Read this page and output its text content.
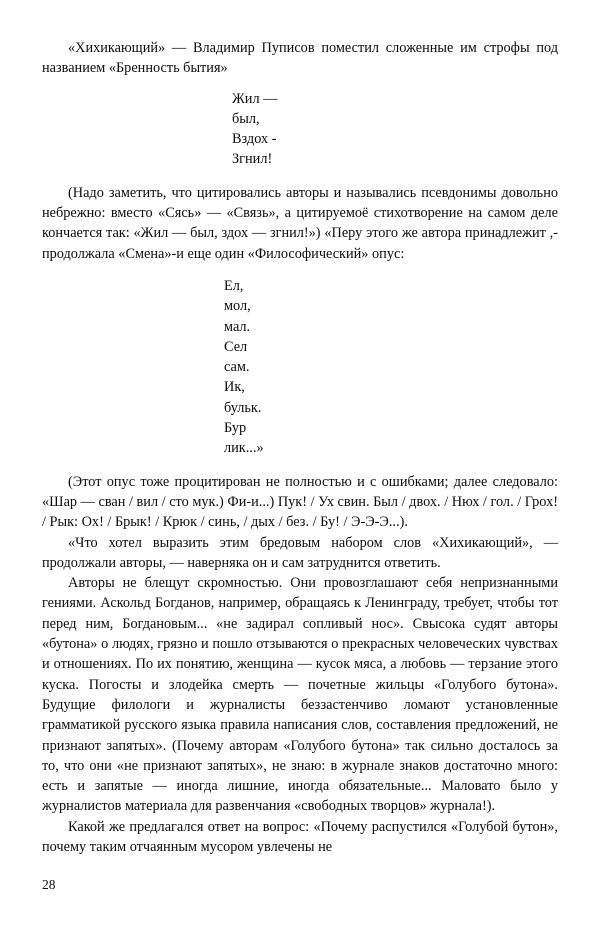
«Хихикающий» — Владимир Пуписов поместил сложенные им строфы под названием «Бренность бытия»

Жил —
был,
Вздох -
Згнил!

(Надо заметить, что цитировались авторы и назывались псевдонимы довольно небрежно: вместо «Сясь» — «Связь», а цитируемоё стихотворение на самом деле кончается так: «Жил — был, здох — згнил!») «Перу этого же автора принадлежит ,-продолжала «Смена»-и еще один «Философический» опус:

Ел,
мол,
мал.
Сел
сам.
Ик,
бульк.
Бур
лик...»

(Этот опус тоже процитирован не полностью и с ошибками; далее следовало: «Шар — сван / вил / сто мук.) Фи-и...) Пук! / Ух свин. Был / двох. / Нюх / гол. / Грох! / Рык: Ох! / Брык! / Крюк / синь, / дых / без. / Бу! / Э-Э-Э...).

«Что хотел выразить этим бредовым набором слов «Хихикающий», — продолжали авторы, — наверняка он и сам затруднится ответить.

Авторы не блещут скромностью. Они провозглашают себя непризнанными гениями. Аскольд Богданов, например, обращаясь к Ленинграду, требует, чтобы тот перед ним, Богдановым... «не задирал сопливый нос». Свысока судят авторы «бутона» о людях, грязно и пошло отзываются о прекрасных человеческих чувствах и отношениях. По их понятию, женщина — кусок мяса, а любовь — терзание этого куска. Погосты и злодейка смерть — почетные жильцы «Голубого бутона». Будущие филологи и журналисты беззастенчиво ломают установленные грамматикой русского языка правила написания слов, составления предложений, не признают запятых». (Почему авторам «Голубого бутона» так сильно досталось за то, что они «не признают запятых», не знаю: в журнале знаков достаточно много: есть и запятые — иногда лишние, иногда обязательные... Маловато было у журналистов материала для развенчания «свободных творцов» журнала!).

Какой же предлагался ответ на вопрос: «Почему распустился «Голубой бутон», почему таким отчаянным мусором увлечены не

28
